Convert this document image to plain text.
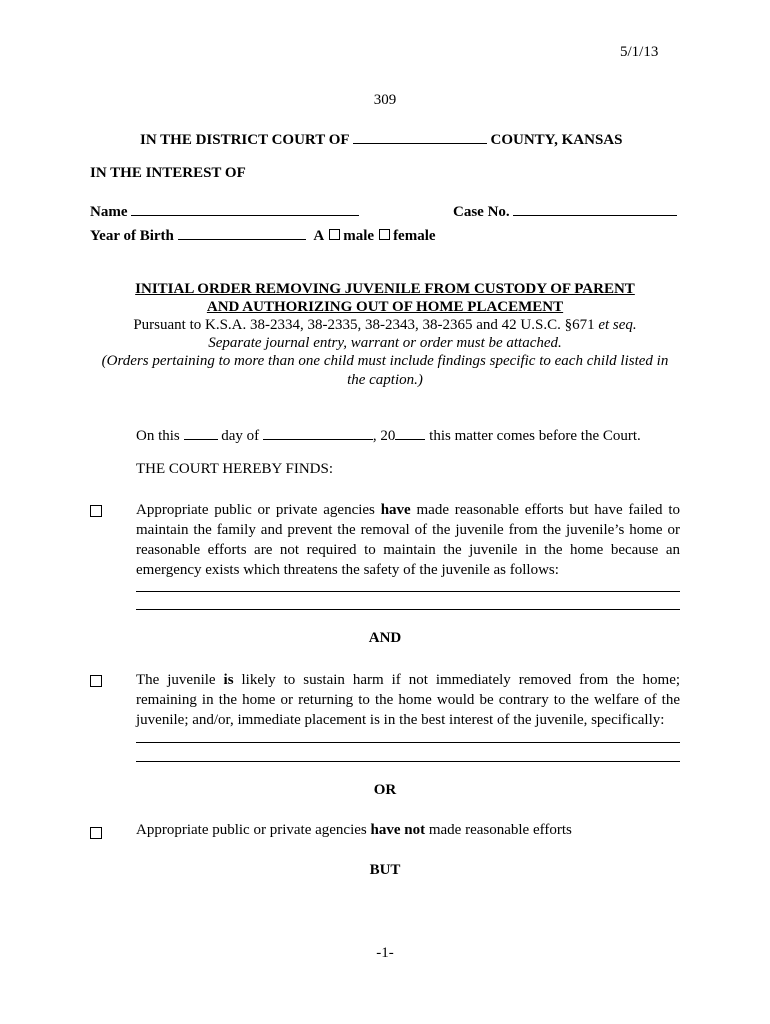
5/1/13
309
IN THE DISTRICT COURT OF	COUNTY, KANSAS
IN THE INTEREST OF
Name	Case No.
Year of Birth	A male female
INITIAL ORDER REMOVING JUVENILE FROM CUSTODY OF PARENT
AND AUTHORIZING OUT OF HOME PLACEMENT
Pursuant to K.S.A. 38-2334, 38-2335, 38-2343, 38-2365 and 42 U.S.C. §671 et seq.
Separate journal entry, warrant or order must be attached.
(Orders pertaining to more than one child must include findings specific to each child listed in
the caption.)
On this	day of	, 20 this matter comes before the Court.
THE COURT HEREBY FINDS:
Appropriate public or private agencies have made reasonable efforts but have failed to maintain the family and prevent the removal of the juvenile from the juvenile’s home or reasonable efforts are not required to maintain the juvenile in the home because an emergency exists which threatens the safety of the juvenile as follows:
AND
The juvenile is likely to sustain harm if not immediately removed from the home; remaining in the home or returning to the home would be contrary to the welfare of the juvenile; and/or, immediate placement is in the best interest of the juvenile, specifically:
OR
Appropriate public or private agencies have not made reasonable efforts
BUT
-1-
